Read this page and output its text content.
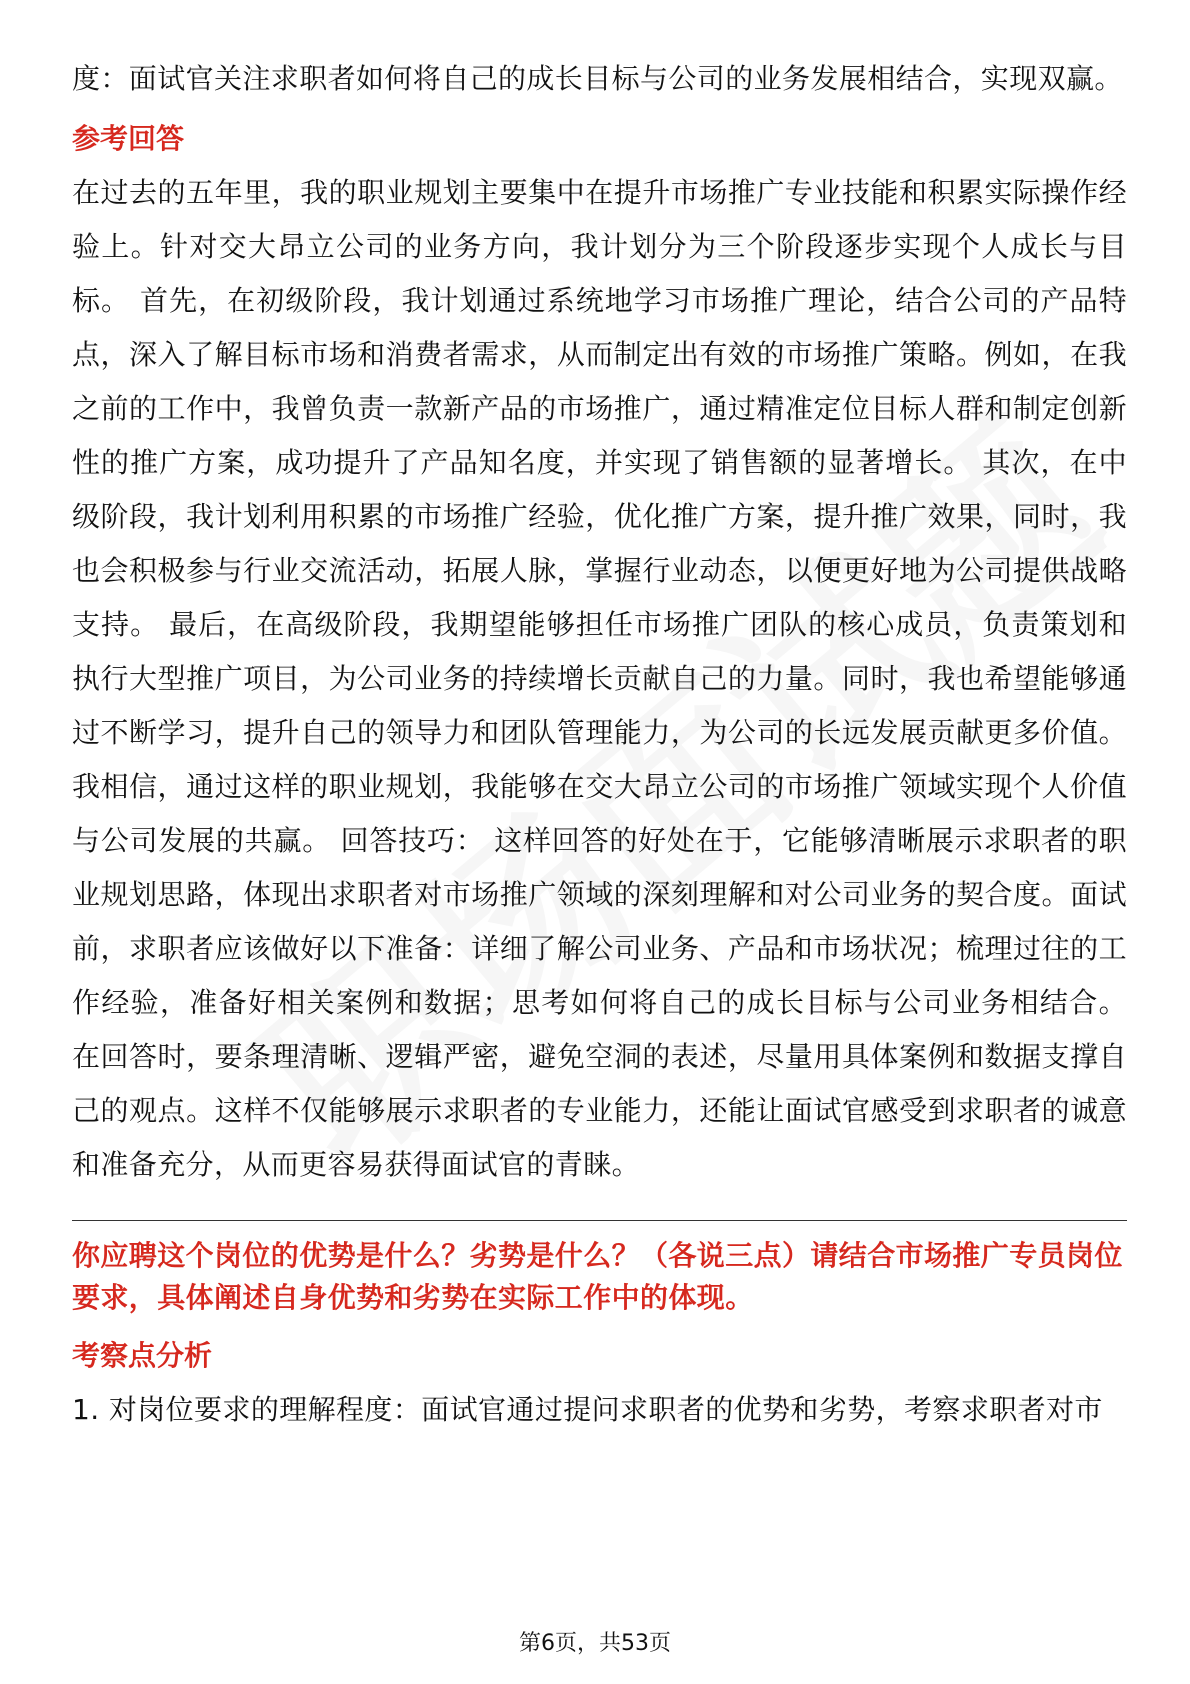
度：面试官关注求职者如何将自己的成长目标与公司的业务发展相结合，实现双赢。

参考回答

在过去的五年里，我的职业规划主要集中在提升市场推广专业技能和积累实际操作经验上。针对交大昂立公司的业务方向，我计划分为三个阶段逐步实现个人成长与目标。 首先，在初级阶段，我计划通过系统地学习市场推广理论，结合公司的产品特点，深入了解目标市场和消费者需求，从而制定出有效的市场推广策略。例如，在我之前的工作中，我曾负责一款新产品的市场推广，通过精准定位目标人群和制定创新性的推广方案，成功提升了产品知名度，并实现了销售额的显著增长。 其次，在中级阶段，我计划利用积累的市场推广经验，优化推广方案，提升推广效果，同时，我也会积极参与行业交流活动，拓展人脉，掌握行业动态，以便更好地为公司提供战略支持。 最后，在高级阶段，我期望能够担任市场推广团队的核心成员，负责策划和执行大型推广项目，为公司业务的持续增长贡献自己的力量。同时，我也希望能够通过不断学习，提升自己的领导力和团队管理能力，为公司的长远发展贡献更多价值。 我相信，通过这样的职业规划，我能够在交大昂立公司的市场推广领域实现个人价值与公司发展的共赢。 回答技巧： 这样回答的好处在于，它能够清晰展示求职者的职业规划思路，体现出求职者对市场推广领域的深刻理解和对公司业务的契合度。面试前，求职者应该做好以下准备：详细了解公司业务、产品和市场状况；梳理过往的工作经验，准备好相关案例和数据；思考如何将自己的成长目标与公司业务相结合。 在回答时，要条理清晰、逻辑严密，避免空洞的表述，尽量用具体案例和数据支撑自己的观点。这样不仅能够展示求职者的专业能力，还能让面试官感受到求职者的诚意和准备充分，从而更容易获得面试官的青睐。

你应聘这个岗位的优势是什么？劣势是什么？（各说三点）请结合市场推广专员岗位要求，具体阐述自身优势和劣势在实际工作中的体现。

考察点分析

1. 对岗位要求的理解程度：面试官通过提问求职者的优势和劣势，考察求职者对市

第6页，共53页
